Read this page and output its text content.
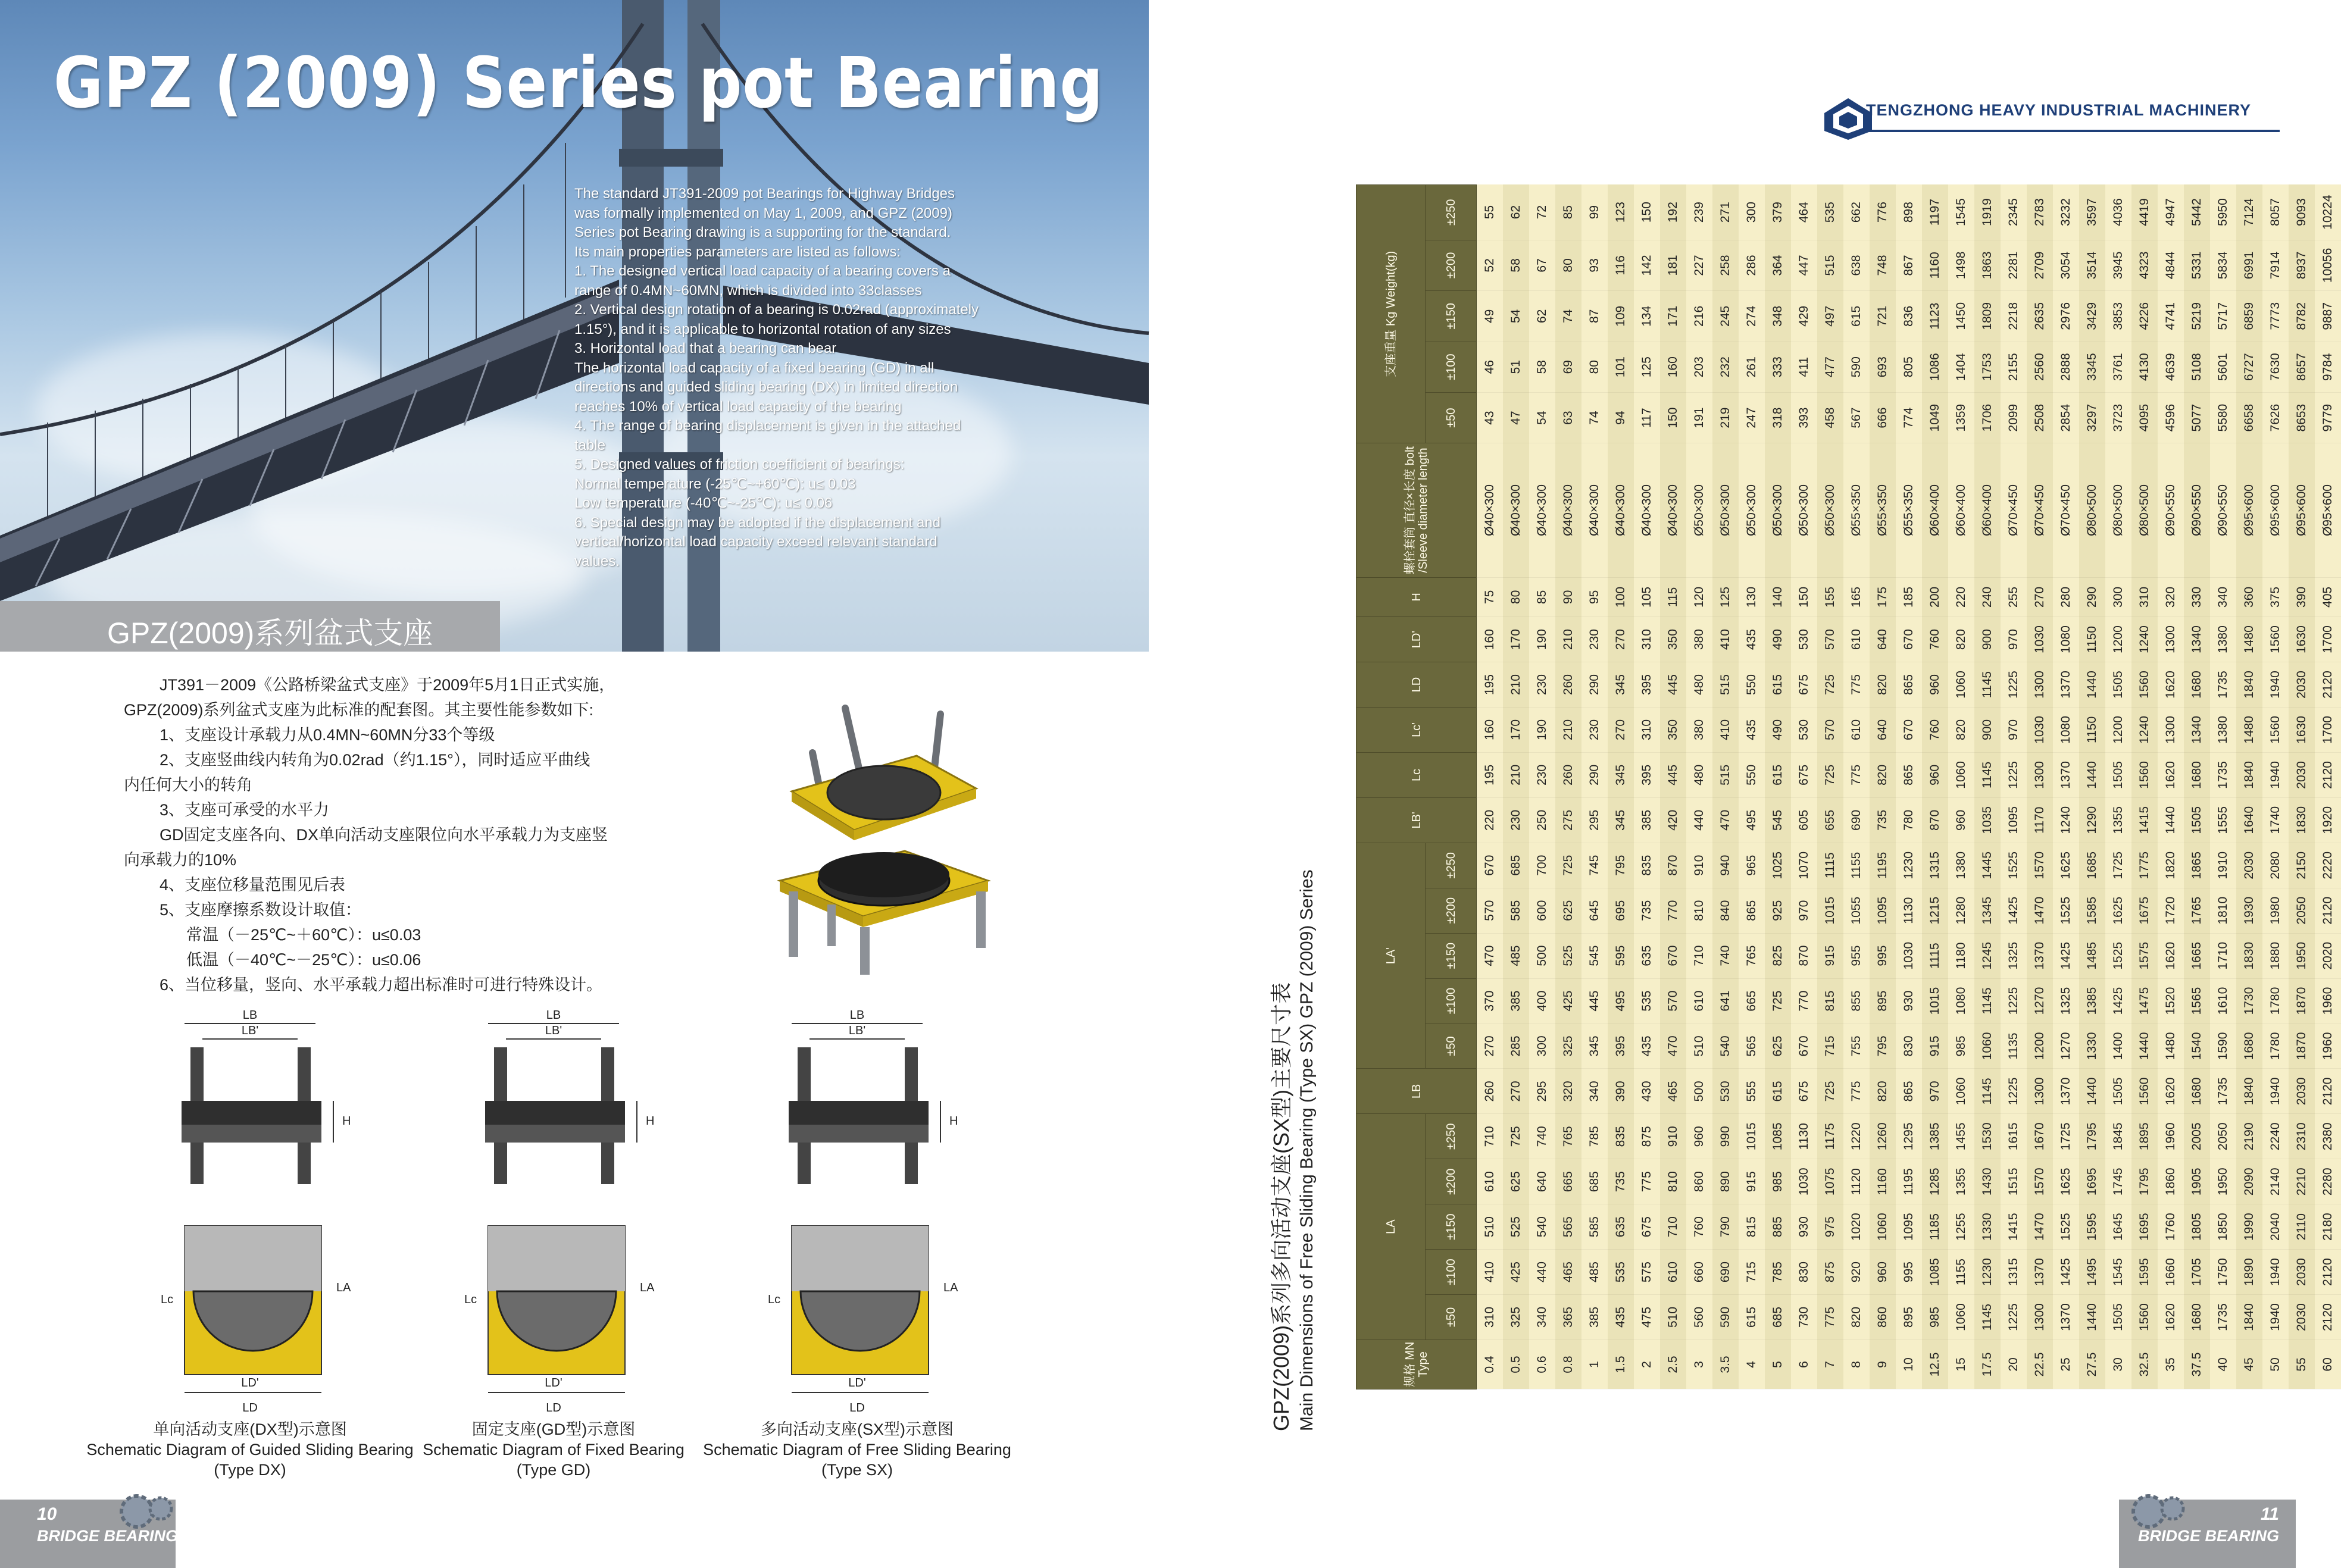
GPZ (2009) Series pot Bearing
The standard JT391-2009 pot Bearings for Highway Bridges
was formally implemented on May 1, 2009, and GPZ (2009)
Series pot Bearing drawing is a supporting for the standard.
Its main properties parameters are listed as follows:
1. The designed vertical load capacity of a bearing covers a
range of 0.4MN~60MN, which is divided into 33classes
2. Vertical design rotation of a bearing is 0.02rad (approximately
1.15°), and it is applicable to horizontal rotation of any sizes
3. Horizontal load that a bearing can bear
The horizontal load capacity of a fixed bearing (GD) in all
directions and guided sliding bearing (DX) in limited direction
reaches 10% of vertical load capacity of the bearing
4. The range of bearing displacement is given in the attached
table
5. Designed values of friction coefficient of bearings:
Normal temperature (-25℃~+60℃): u≤ 0.03
Low temperature (-40℃~-25℃): u≤ 0.06
6. Special design may be adopted if the displacement and
vertical/horizontal load capacity exceed relevant standard
values.
GPZ(2009)系列盆式支座
JT391－2009《公路桥梁盆式支座》于2009年5月1日正式实施，
GPZ(2009)系列盆式支座为此标准的配套图。其主要性能参数如下:
1、支座设计承载力从0.4MN~60MN分33个等级
2、支座竖曲线内转角为0.02rad（约1.15°），同时适应平曲线
内任何大小的转角
3、支座可承受的水平力
GD固定支座各向、DX单向活动支座限位向水平承载力为支座竖
向承载力的10%
4、支座位移量范围见后表
5、支座摩擦系数设计取值：
常温（－25℃~＋60℃）：u≤0.03
低温（－40℃~－25℃）：u≤0.06
6、当位移量，竖向、水平承载力超出标准时可进行特殊设计。
LB
LB'
H
LD'
LD
Lc
LA
LB
LB'
H
LD'
LD
Lc
LA
LB
LB'
H
LD'
LD
Lc
LA
单向活动支座(DX型)示意图
Schematic Diagram of Guided Sliding Bearing
(Type DX)
固定支座(GD型)示意图
Schematic Diagram of Fixed Bearing
(Type GD)
多向活动支座(SX型)示意图
Schematic Diagram of Free Sliding Bearing
(Type SX)
10
BRIDGE BEARING
TENGZHONG HEAVY INDUSTRIAL MACHINERY
GPZ(2009)系列多向活动支座(SX型)主要尺寸表 Main Dimensions of Free Sliding Bearing (Type SX) GPZ (2009) Series	规格 MN Type	LA					LB	LA'					LB'	Lc	Lc'	LD	LD'	H	螺栓套筒 直径×长度 bolt /Sleeve diameter length	支座重量 Kg Weight(kg)				
	±50	±100	±150	±200	±250		±50	±100	±150	±200	±250								±50	±100	±150	±200	±250
0.4	310	410	510	610	710	260	270	370	470	570	670	220	195	160	195	160	75	Ø40×300	43	46	49	52	55
0.5	325	425	525	625	725	270	285	385	485	585	685	230	210	170	210	170	80	Ø40×300	47	51	54	58	62
0.6	340	440	540	640	740	295	300	400	500	600	700	250	230	190	230	190	85	Ø40×300	54	58	62	67	72
0.8	365	465	565	665	765	320	325	425	525	625	725	275	260	210	260	210	90	Ø40×300	63	69	74	80	85
1	385	485	585	685	785	340	345	445	545	645	745	295	290	230	290	230	95	Ø40×300	74	80	87	93	99
1.5	435	535	635	735	835	390	395	495	595	695	795	345	345	270	345	270	100	Ø40×300	94	101	109	116	123
2	475	575	675	775	875	430	435	535	635	735	835	385	395	310	395	310	105	Ø40×300	117	125	134	142	150
2.5	510	610	710	810	910	465	470	570	670	770	870	420	445	350	445	350	115	Ø40×300	150	160	171	181	192
3	560	660	760	860	960	500	510	610	710	810	910	440	480	380	480	380	120	Ø50×300	191	203	216	227	239
3.5	590	690	790	890	990	530	540	641	740	840	940	470	515	410	515	410	125	Ø50×300	219	232	245	258	271
4	615	715	815	915	1015	555	565	665	765	865	965	495	550	435	550	435	130	Ø50×300	247	261	274	286	300
5	685	785	885	985	1085	615	625	725	825	925	1025	545	615	490	615	490	140	Ø50×300	318	333	348	364	379
6	730	830	930	1030	1130	675	670	770	870	970	1070	605	675	530	675	530	150	Ø50×300	393	411	429	447	464
7	775	875	975	1075	1175	725	715	815	915	1015	1115	655	725	570	725	570	155	Ø50×300	458	477	497	515	535
8	820	920	1020	1120	1220	775	755	855	955	1055	1155	690	775	610	775	610	165	Ø55×350	567	590	615	638	662
9	860	960	1060	1160	1260	820	795	895	995	1095	1195	735	820	640	820	640	175	Ø55×350	666	693	721	748	776
10	895	995	1095	1195	1295	865	830	930	1030	1130	1230	780	865	670	865	670	185	Ø55×350	774	805	836	867	898
12.5	985	1085	1185	1285	1385	970	915	1015	1115	1215	1315	870	960	760	960	760	200	Ø60×400	1049	1086	1123	1160	1197
15	1060	1155	1255	1355	1455	1060	985	1080	1180	1280	1380	960	1060	820	1060	820	220	Ø60×400	1359	1404	1450	1498	1545
17.5	1145	1230	1330	1430	1530	1145	1060	1145	1245	1345	1445	1035	1145	900	1145	900	240	Ø60×400	1706	1753	1809	1863	1919
20	1225	1315	1415	1515	1615	1225	1135	1225	1325	1425	1525	1095	1225	970	1225	970	255	Ø70×450	2099	2155	2218	2281	2345
22.5	1300	1370	1470	1570	1670	1300	1200	1270	1370	1470	1570	1170	1300	1030	1300	1030	270	Ø70×450	2508	2560	2635	2709	2783
25	1370	1425	1525	1625	1725	1370	1270	1325	1425	1525	1625	1240	1370	1080	1370	1080	280	Ø70×450	2854	2888	2976	3054	3232
27.5	1440	1495	1595	1695	1795	1440	1330	1385	1485	1585	1685	1290	1440	1150	1440	1150	290	Ø80×500	3297	3345	3429	3514	3597
30	1505	1545	1645	1745	1845	1505	1400	1425	1525	1625	1725	1355	1505	1200	1505	1200	300	Ø80×500	3723	3761	3853	3945	4036
32.5	1560	1595	1695	1795	1895	1560	1440	1475	1575	1675	1775	1415	1560	1240	1560	1240	310	Ø80×500	4095	4130	4226	4323	4419
35	1620	1660	1760	1860	1960	1620	1480	1520	1620	1720	1820	1440	1620	1300	1620	1300	320	Ø90×550	4596	4639	4741	4844	4947
37.5	1680	1705	1805	1905	2005	1680	1540	1565	1665	1765	1865	1505	1680	1340	1680	1340	330	Ø90×550	5077	5108	5219	5331	5442
40	1735	1750	1850	1950	2050	1735	1590	1610	1710	1810	1910	1555	1735	1380	1735	1380	340	Ø90×550	5580	5601	5717	5834	5950
45	1840	1890	1990	2090	2190	1840	1680	1730	1830	1930	2030	1640	1840	1480	1840	1480	360	Ø95×600	6658	6727	6859	6991	7124
50	1940	1940	2040	2140	2240	1940	1780	1780	1880	1980	2080	1740	1940	1560	1940	1560	375	Ø95×600	7626	7630	7773	7914	8057
55	2030	2030	2110	2210	2310	2030	1870	1870	1950	2050	2150	1830	2030	1630	2030	1630	390	Ø95×600	8653	8657	8782	8937	9093
60	2120	2120	2180	2280	2380	2120	1960	1960	2020	2120	2220	1920	2120	1700	2120	1700	405	Ø95×600	9779	9784	9887	10056	10224
11
BRIDGE BEARING
